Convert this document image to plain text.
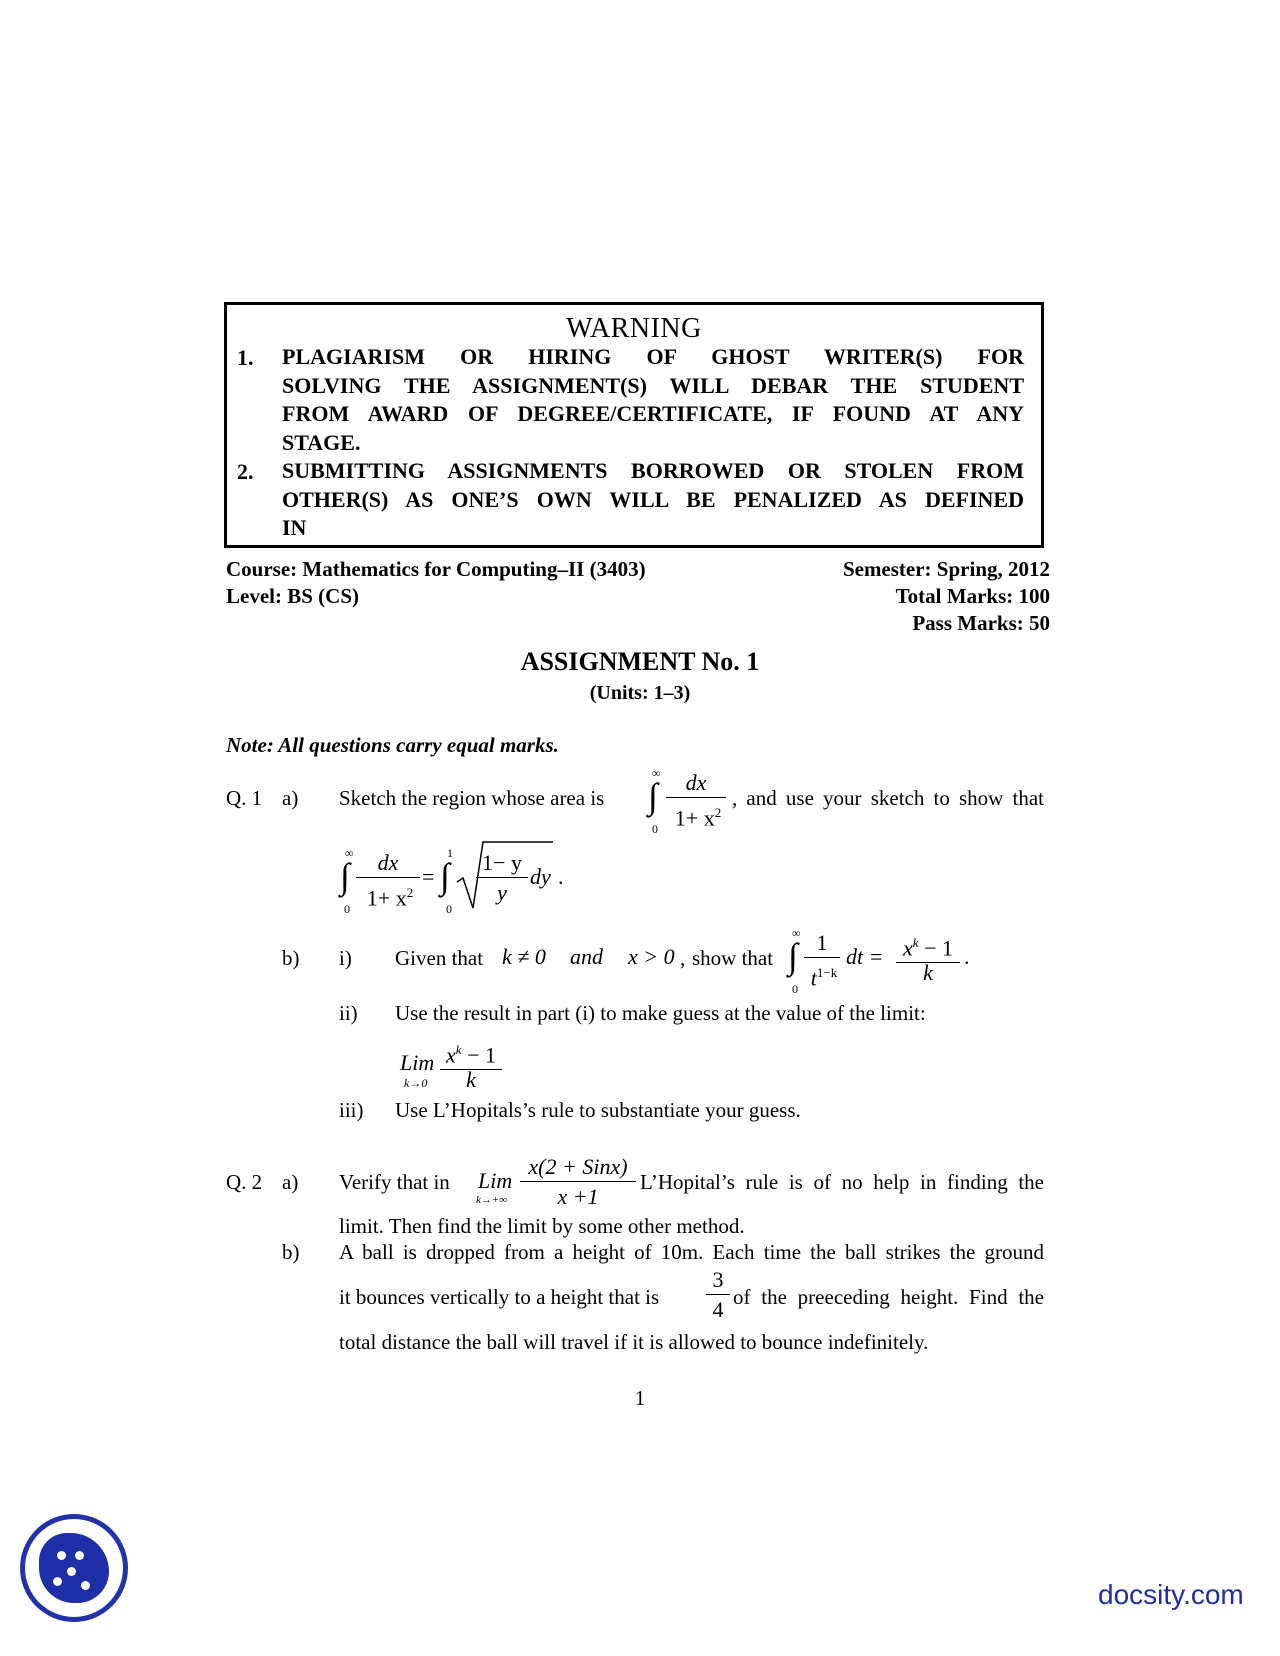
WARNING
1. PLAGIARISM OR HIRING OF GHOST WRITER(S) FOR
SOLVING THE ASSIGNMENT(S) WILL DEBAR THE STUDENT
FROM AWARD OF DEGREE/CERTIFICATE, IF FOUND AT ANY
STAGE.
2. SUBMITTING ASSIGNMENTS BORROWED OR STOLEN FROM
OTHER(S) AS ONE’S OWN WILL BE PENALIZED AS DEFINED
IN
Course: Mathematics for Computing–II (3403)
Level: BS (CS)
Semester: Spring, 2012
Total Marks: 100
Pass Marks: 50
ASSIGNMENT No. 1
(Units: 1–3)
Note: All questions carry equal marks.
Q. 1 a) Sketch the region whose area is
∞
∫
0
dx
$1+ x^2$
, and use your sketch to show that
∞
∫
0
dx
$1+ x^2$
=
1
∫
0
1− y
y
dy .
b) i) Given that k ≠ 0 and x > 0 , show that
∞
∫
0
1
$t^{1-k}$
dt = $x^k - 1$
k
.
ii) Use the result in part (i) to make guess at the value of the limit:
Lim
k→0
$x^k - 1$
k
iii) Use L’Hopitals’s rule to substantiate your guess.
Q. 2 a) Verify that in Lim
k→+∞
x(2 + Sinx)
x +1
L’Hopital’s rule is of no help in finding the
limit. Then find the limit by some other method.
b) A ball is dropped from a height of 10m. Each time the ball strikes the ground
it bounces vertically to a height that is
3
4 of the preeceding height. Find the
total distance the ball will travel if it is allowed to bounce indefinitely.
1
docsity.com
